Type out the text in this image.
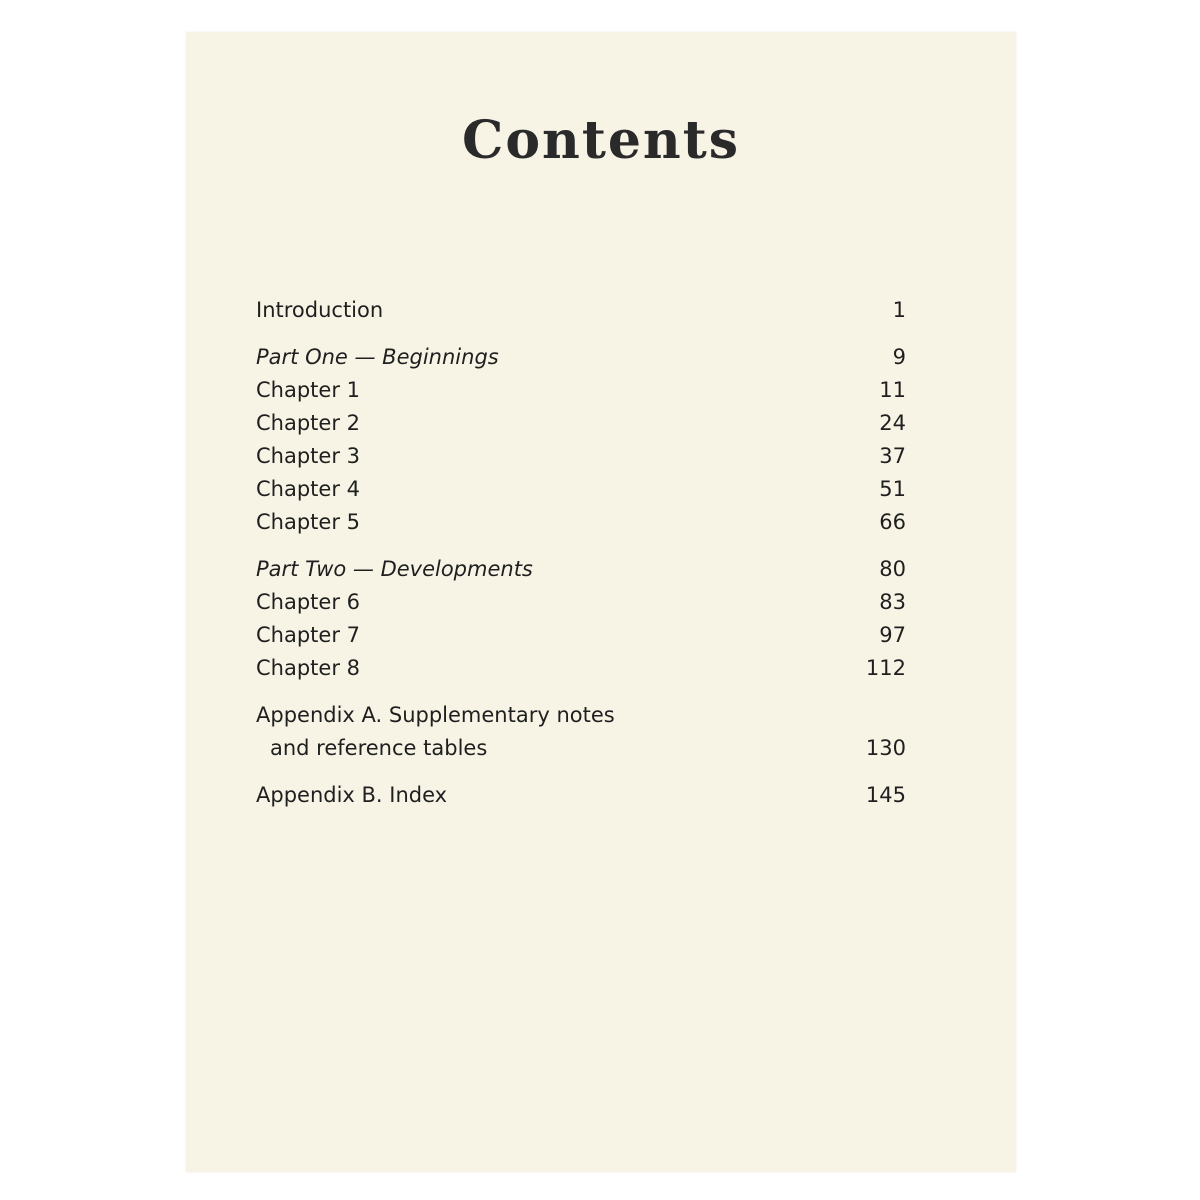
Contents
Introduction	1
Part One — Beginnings	9
Chapter 1	11
Chapter 2	24
Chapter 3	37
Chapter 4	51
Chapter 5	66
Part Two — Developments	80
Chapter 6	83
Chapter 7	97
Chapter 8	112
Appendix A. Supplementary notes
and reference tables	130
Appendix B. Index	145
